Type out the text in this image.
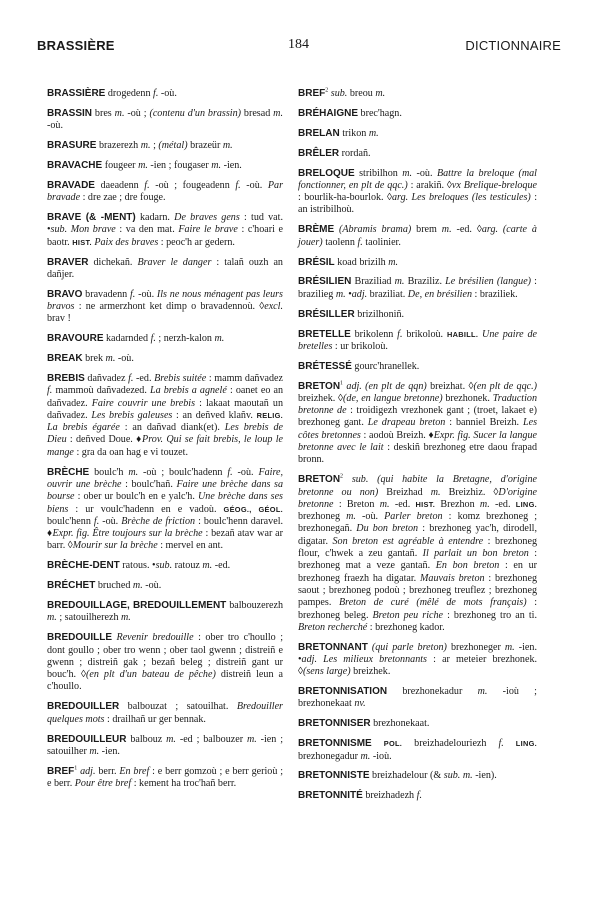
BRASSIÈRE	184	DICTIONNAIRE

BRASSIÈRE drogedenn f. -où.

BRASSIN bres m. -où ; (contenu d'un brassin) bresad m. -où.

BRASURE brazerezh m. ; (métal) brazeür m.

BRAVACHE fougeer m. -ien ; fougaser m. -ien.

BRAVADE daeadenn f. -où ; fougeadenn f. -où. Par bravade : dre zae ; dre fouge.

BRAVE (& -MENT) kadarn. De braves gens : tud vat. •sub. Mon brave : va den mat. Faire le brave : c'hoari e baotr. HIST. Paix des braves : peoc'h ar gedern.

BRAVER dichekañ. Braver le danger : talañ ouzh an dañjer.

BRAVO bravadenn f. -où. Ils ne nous ménagent pas leurs bravos : ne armerzhont ket dimp o bravadennoù. ◊excl. brav !

BRAVOURE kadarnded f. ; nerzh-kalon m.

BREAK brek m. -où.

BREBIS dañvadez f. -ed. Brebis suitée : mamm dañvadez f. mammoù dañvadezed. La brebis a agnelé : oanet eo an dañvadez. Faire couvrir une brebis : lakaat maoutañ un dañvadez. Les brebis galeuses : an deñved klañv. RELIG. La brebis égarée : an dañvad diank(et). Les brebis de Dieu : deñved Doue. ♦Prov. Qui se fait brebis, le loup le mange : gra da oan hag e vi touzet.

BRÈCHE boulc'h m. -où ; boulc'hadenn f. -où. Faire, ouvrir une brèche : boulc'hañ. Faire une brèche dans sa bourse : ober ur boulc'h en e yalc'h. Une brèche dans ses biens : ur voulc'hadenn en e vadoù. GÉOG., GÉOL. boulc'henn f. -où. Brèche de friction : boulc'henn daravel. ♦Expr. fig. Être toujours sur la brèche : bezañ atav war ar barr. ◊Mourir sur la brèche : mervel en ant.

BRÈCHE-DENT ratous. •sub. ratouz m. -ed.

BRÉCHET bruched m. -où.

BREDOUILLAGE, BREDOUILLEMENT balbouzerezh m. ; satouilherezh m.

BREDOUILLE Revenir bredouille : ober tro c'houllo ; dont goullo ; ober tro wenn ; ober taol gwenn ; distreiñ e gwenn ; distreiñ gak ; bezañ beleg ; distreiñ gant ur bouc'h. ◊(en plt d'un bateau de pêche) distreiñ leun a c'houllo.

BREDOUILLER balbouzat ; satouilhat. Bredouiller quelques mots : drailhañ ur ger bennak.

BREDOUILLEUR balbouz m. -ed ; balbouzer m. -ien ; satouilher m. -ien.

BREF$^1$ adj. berr. En bref : e berr gomzoù ; e berr gerioù ; e berr. Pour être bref : kement ha troc'hañ berr.

BREF$^2$ sub. breou m.

BRÉHAIGNE brec'hagn.

BRELAN trikon m.

BRÊLER rordañ.

BRELOQUE stribilhon m. -où. Battre la breloque (mal fonctionner, en plt de qqc.) : arakiñ. ◊vx Brelique-breloque : bourlik-ha-bourlok. ◊arg. Les breloques (les testicules) : an istribilhoù.

BRÈME (Abramis brama) brem m. -ed. ◊arg. (carte à jouer) taolenn f. taolinier.

BRÉSIL koad brizilh m.

BRÉSILIEN Braziliad m. Braziliz. Le brésilien (langue) : brazilieg m. •adj. braziliat. De, en brésilien : braziliek.

BRÉSILLER brizilhoniñ.

BRETELLE brikolenn f. brikoloù. HABILL. Une paire de bretelles : ur brikoloù.

BRÉTESSÉ gourc'hranellek.

BRETON$^1$ adj. (en plt de qqn) breizhat. ◊(en plt de qqc.) breizhek. ◊(de, en langue bretonne) brezhonek. Traduction bretonne de : troidigezh vrezhonek gant ; (troet, lakaet e) brezhoneg gant. Le drapeau breton : banniel Breizh. Les côtes bretonnes : aodoù Breizh. ♦Expr. fig. Sucer la langue bretonne avec le lait : deskiñ brezhoneg etre daou frapad bronn.

BRETON$^2$ sub. (qui habite la Bretagne, d'origine bretonne ou non) Breizhad m. Breizhiz. ◊D'origine bretonne : Breton m. -ed. HIST. Brezhon m. -ed. LING. brezhoneg m. -où. Parler breton : komz brezhoneg ; brezhonegañ. Du bon breton : brezhoneg yac'h, dirodell, digatar. Son breton est agréable à entendre : brezhoneg flour, c'hwek a zeu gantañ. Il parlait un bon breton : brezhoneg mat a veze gantañ. En bon breton : en ur brezhoneg fraezh ha digatar. Mauvais breton : brezhoneg saout ; brezhoneg podoù ; brezhoneg treuflez ; brezhoneg pampes. Breton de curé (mêlé de mots français) : brezhoneg beleg. Breton peu riche : brezhoneg tro an ti. Breton recherché : brezhoneg kador.

BRETONNANT (qui parle breton) brezhoneger m. -ien. •adj. Les milieux bretonnants : ar meteier brezhonek. ◊(sens large) breizhek.

BRETONNISATION brezhonekadur m. -ioù ; brezhonekaat nv.

BRETONNISER brezhonekaat.

BRETONNISME POL. breizhadelouriezh f. LING. brezhonegadur m. -ioù.

BRETONNISTE breizhadelour (& sub. m. -ien).

BRETONNITÉ breizhadezh f.
